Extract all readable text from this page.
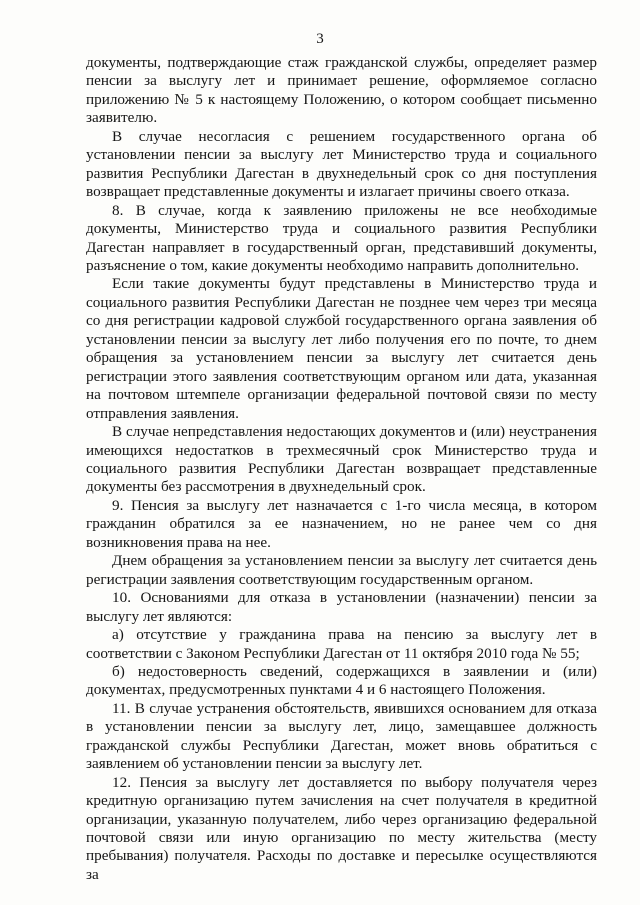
3

документы, подтверждающие стаж гражданской службы, определяет размер пенсии за выслугу лет и принимает решение, оформляемое согласно приложению № 5 к настоящему Положению, о котором сообщает письменно заявителю.

В случае несогласия с решением государственного органа об установлении пенсии за выслугу лет Министерство труда и социального развития Республики Дагестан в двухнедельный срок со дня поступления возвращает представленные документы и излагает причины своего отказа.

8. В случае, когда к заявлению приложены не все необходимые документы, Министерство труда и социального развития Республики Дагестан направляет в государственный орган, представивший документы, разъяснение о том, какие документы необходимо направить дополнительно.

Если такие документы будут представлены в Министерство труда и социального развития Республики Дагестан не позднее чем через три месяца со дня регистрации кадровой службой государственного органа заявления об установлении пенсии за выслугу лет либо получения его по почте, то днем обращения за установлением пенсии за выслугу лет считается день регистрации этого заявления соответствующим органом или дата, указанная на почтовом штемпеле организации федеральной почтовой связи по месту отправления заявления.

В случае непредставления недостающих документов и (или) неустранения имеющихся недостатков в трехмесячный срок Министерство труда и социального развития Республики Дагестан возвращает представленные документы без рассмотрения в двухнедельный срок.

9. Пенсия за выслугу лет назначается с 1-го числа месяца, в котором гражданин обратился за ее назначением, но не ранее чем со дня возникновения права на нее.

Днем обращения за установлением пенсии за выслугу лет считается день регистрации заявления соответствующим государственным органом.

10. Основаниями для отказа в установлении (назначении) пенсии за выслугу лет являются:

а) отсутствие у гражданина права на пенсию за выслугу лет в соответствии с Законом Республики Дагестан от 11 октября 2010 года № 55;

б) недостоверность сведений, содержащихся в заявлении и (или) документах, предусмотренных пунктами 4 и 6 настоящего Положения.

11. В случае устранения обстоятельств, явившихся основанием для отказа в установлении пенсии за выслугу лет, лицо, замещавшее должность гражданской службы Республики Дагестан, может вновь обратиться с заявлением об установлении пенсии за выслугу лет.

12. Пенсия за выслугу лет доставляется по выбору получателя через кредитную организацию путем зачисления на счет получателя в кредитной организации, указанную получателем, либо через организацию федеральной почтовой связи или иную организацию по месту жительства (месту пребывания) получателя. Расходы по доставке и пересылке осуществляются за
